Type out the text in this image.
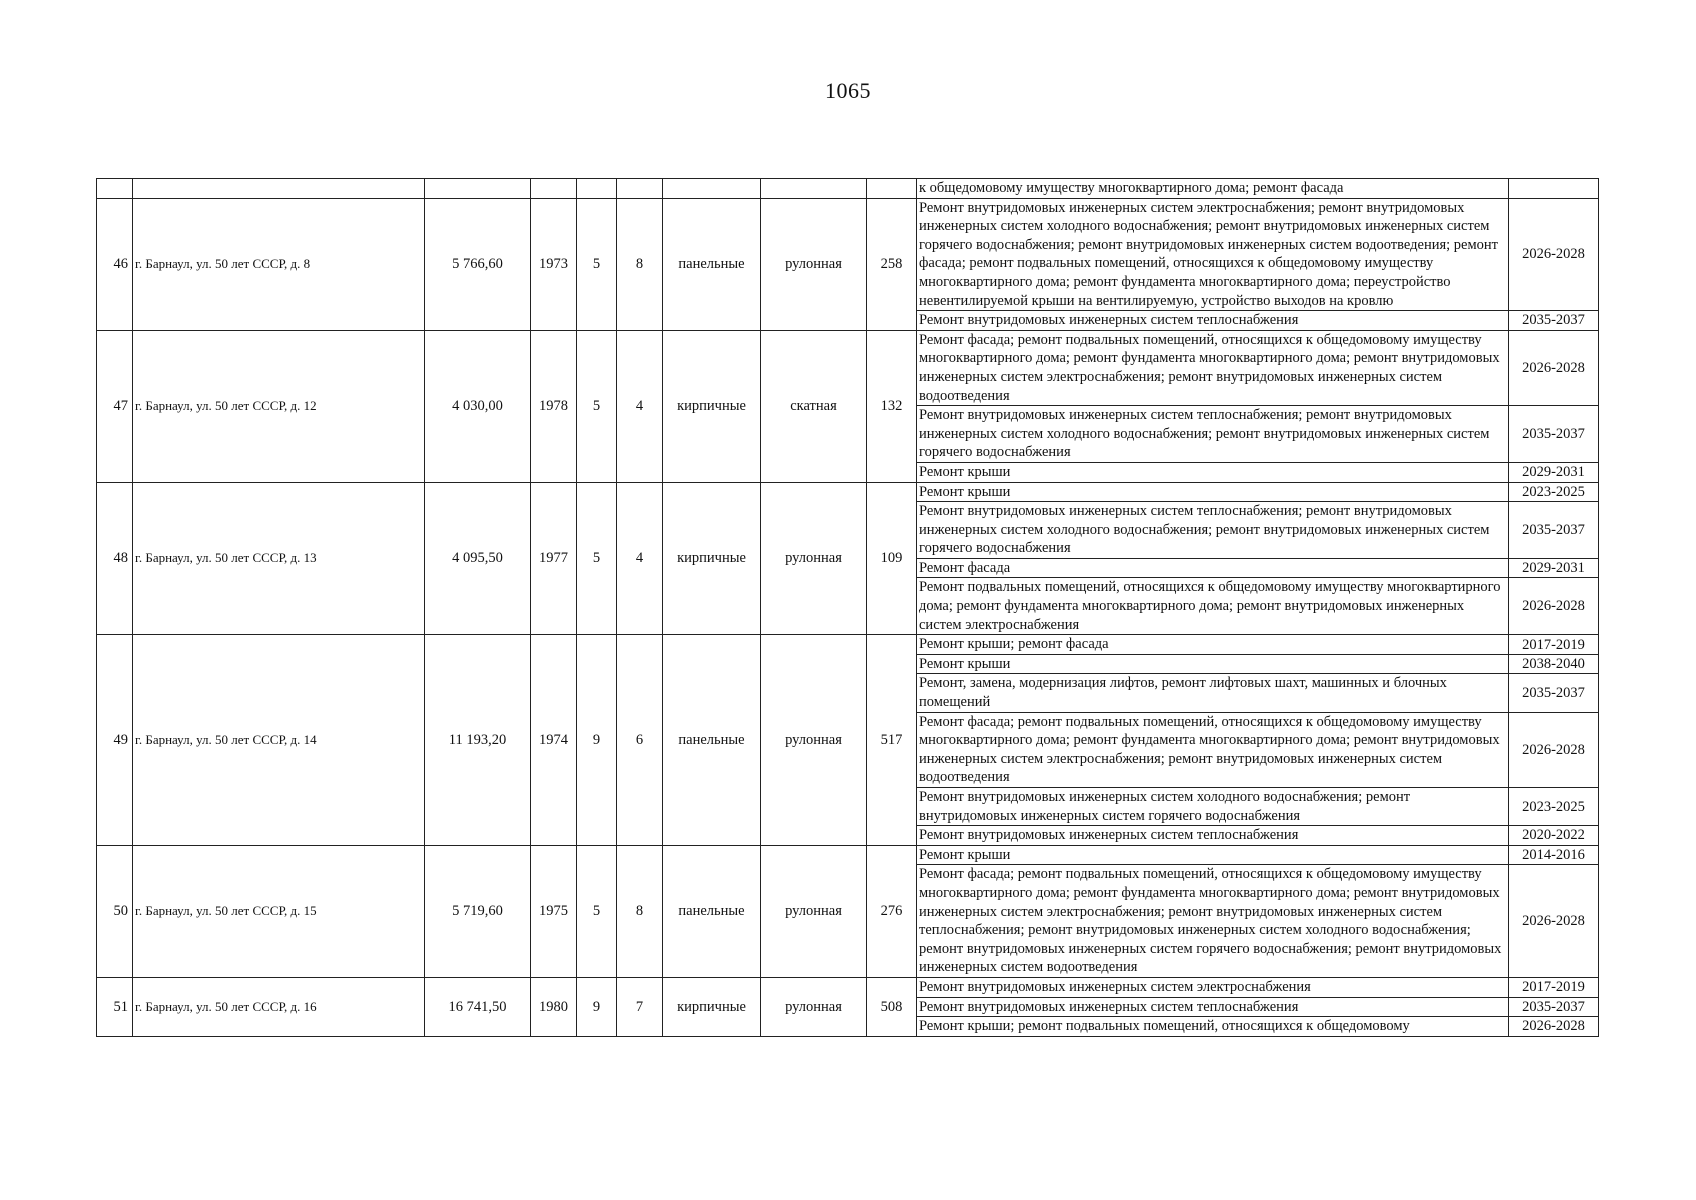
1065
									к общедомовому имуществу многоквартирного дома; ремонт фасада	
46	г. Барнаул, ул. 50 лет СССР, д. 8	5 766,60	1973	5	8	панельные	рулонная	258	Ремонт внутридомовых инженерных систем электроснабжения; ремонт внутридомовых инженерных систем холодного водоснабжения; ремонт внутридомовых инженерных систем горячего водоснабжения; ремонт внутридомовых инженерных систем водоотведения; ремонт фасада; ремонт подвальных помещений, относящихся к общедомовому имуществу многоквартирного дома; ремонт фундамента многоквартирного дома; переустройство невентилируемой крыши на вентилируемую, устройство выходов на кровлю	2026-2028
									Ремонт внутридомовых инженерных систем теплоснабжения	2035-2037
47	г. Барнаул, ул. 50 лет СССР, д. 12	4 030,00	1978	5	4	кирпичные	скатная	132	Ремонт фасада; ремонт подвальных помещений, относящихся к общедомовому имуществу многоквартирного дома; ремонт фундамента многоквартирного дома; ремонт внутридомовых инженерных систем электроснабжения; ремонт внутридомовых инженерных систем водоотведения	2026-2028
									Ремонт внутридомовых инженерных систем теплоснабжения; ремонт внутридомовых инженерных систем холодного водоснабжения; ремонт внутридомовых инженерных систем горячего водоснабжения	2035-2037
									Ремонт крыши	2029-2031
48	г. Барнаул, ул. 50 лет СССР, д. 13	4 095,50	1977	5	4	кирпичные	рулонная	109	Ремонт крыши	2023-2025
									Ремонт внутридомовых инженерных систем теплоснабжения; ремонт внутридомовых инженерных систем холодного водоснабжения; ремонт внутридомовых инженерных систем горячего водоснабжения	2035-2037
									Ремонт фасада	2029-2031
									Ремонт подвальных помещений, относящихся к общедомовому имуществу многоквартирного дома; ремонт фундамента многоквартирного дома; ремонт внутридомовых инженерных систем электроснабжения	2026-2028
49	г. Барнаул, ул. 50 лет СССР, д. 14	11 193,20	1974	9	6	панельные	рулонная	517	Ремонт крыши; ремонт фасада	2017-2019
									Ремонт крыши	2038-2040
									Ремонт, замена, модернизация лифтов, ремонт лифтовых шахт, машинных и блочных помещений	2035-2037
									Ремонт фасада; ремонт подвальных помещений, относящихся к общедомовому имуществу многоквартирного дома; ремонт фундамента многоквартирного дома; ремонт внутридомовых инженерных систем электроснабжения; ремонт внутридомовых инженерных систем водоотведения	2026-2028
									Ремонт внутридомовых инженерных систем холодного водоснабжения; ремонт внутридомовых инженерных систем горячего водоснабжения	2023-2025
									Ремонт внутридомовых инженерных систем теплоснабжения	2020-2022
50	г. Барнаул, ул. 50 лет СССР, д. 15	5 719,60	1975	5	8	панельные	рулонная	276	Ремонт крыши	2014-2016
									Ремонт фасада; ремонт подвальных помещений, относящихся к общедомовому имуществу многоквартирного дома; ремонт фундамента многоквартирного дома; ремонт внутридомовых инженерных систем электроснабжения; ремонт внутридомовых инженерных систем теплоснабжения; ремонт внутридомовых инженерных систем холодного водоснабжения; ремонт внутридомовых инженерных систем горячего водоснабжения; ремонт внутридомовых инженерных систем водоотведения	2026-2028
51	г. Барнаул, ул. 50 лет СССР, д. 16	16 741,50	1980	9	7	кирпичные	рулонная	508	Ремонт внутридомовых инженерных систем электроснабжения	2017-2019
									Ремонт внутридомовых инженерных систем теплоснабжения	2035-2037
									Ремонт крыши; ремонт подвальных помещений, относящихся к общедомовому	2026-2028
